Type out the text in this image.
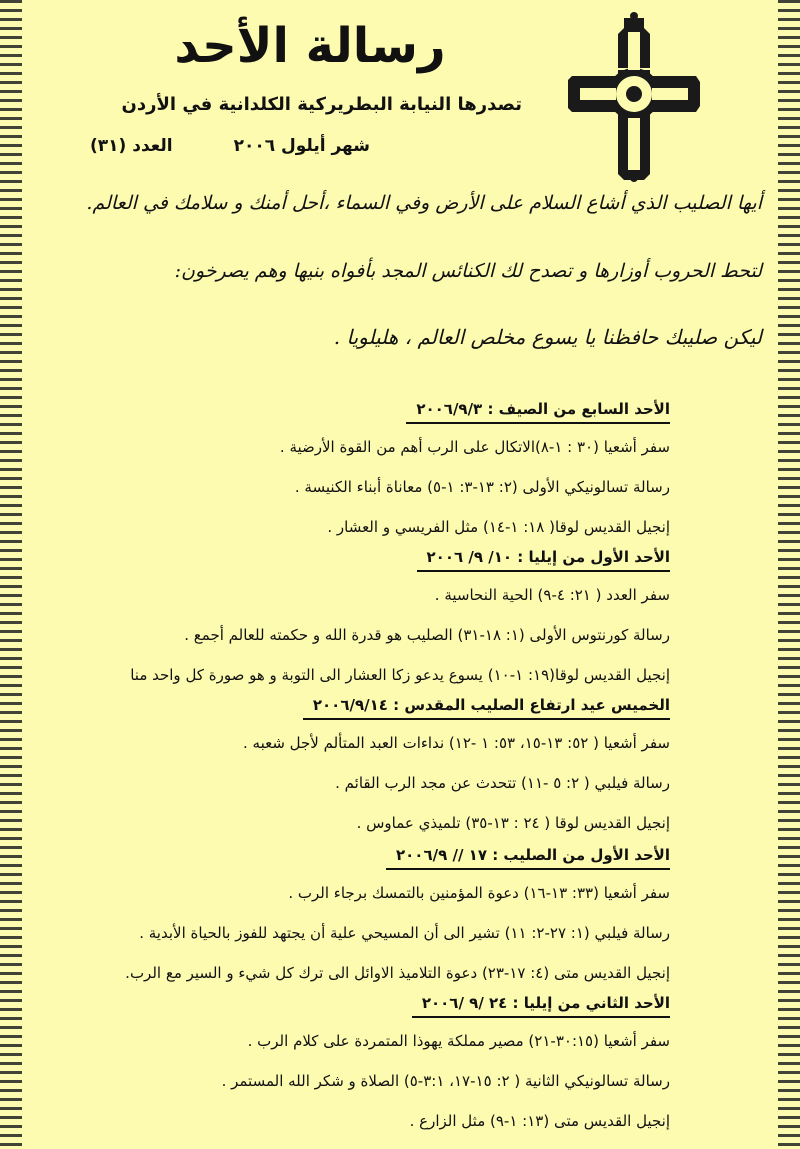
رسالة الأحد
تصدرها النيابة البطريركية الكلدانية في الأردن
شهر أيلول ٢٠٠٦
العدد (٣١)
أيها الصليب الذي أشاع السلام على الأرض وفي السماء ،أحل أمنك و سلامك في العالم.
لتحط الحروب أوزارها و تصدح لك الكنائس المجد بأفواه بنيها وهم يصرخون:
ليكن صليبك حافظنا يا يسوع مخلص العالم ، هليلويا .
الأحد السابع من الصيف : ٢٠٠٦/٩/٣
سفر أشعيا (٣٠ : ١-٨)الاتكال على الرب أهم من القوة الأرضية .
رسالة تسالونيكي الأولى (٢: ١٣-٣: ١-٥) معاناة أبناء الكنيسة .
إنجيل القديس لوقا( ١٨: ١-١٤) مثل الفريسي و العشار .
الأحد الأول من إيليا : ١٠/ ٩/ ٢٠٠٦
سفر العدد ( ٢١: ٤-٩) الحية النحاسية .
رسالة كورنتوس الأولى (١: ١٨-٣١) الصليب هو قدرة الله و حكمته للعالم أجمع .
إنجيل القديس لوقا(١٩: ١-١٠) يسوع يدعو زكا العشار الى التوبة و هو صورة كل واحد منا
الخميس عيد ارتفاع الصليب المقدس : ٢٠٠٦/٩/١٤
سفر أشعيا ( ٥٢: ١٣-١٥، ٥٣: ١ -١٢) نداءات العبد المتألم لأجل شعبه .
رسالة فيلبي ( ٢: ٥ -١١) تتحدث عن مجد الرب القائم .
إنجيل القديس لوقا ( ٢٤ : ١٣-٣٥) تلميذي عماوس .
الأحد الأول من الصليب : ١٧ // ٢٠٠٦/٩
سفر أشعيا (٣٣: ١٣-١٦) دعوة المؤمنين بالتمسك برجاء الرب .
رسالة فيلبي (١: ٢٧-٢: ١١) تشير الى أن المسيحي علية أن يجتهد للفوز بالحياة الأبدية .
إنجيل القديس متى (٤: ١٧-٢٣) دعوة التلاميذ الاوائل الى ترك كل شيء و السير مع الرب.
الأحد الثاني من إيليا : ٢٤ /٩ /٢٠٠٦
سفر أشعيا (٣٠:١٥-٢١) مصير مملكة يهوذا المتمردة على كلام الرب .
رسالة تسالونيكي الثانية ( ٢: ١٥-١٧، ٣:١-٥) الصلاة و شكر الله المستمر .
إنجيل القديس متى (١٣: ١-٩) مثل الزارع .
